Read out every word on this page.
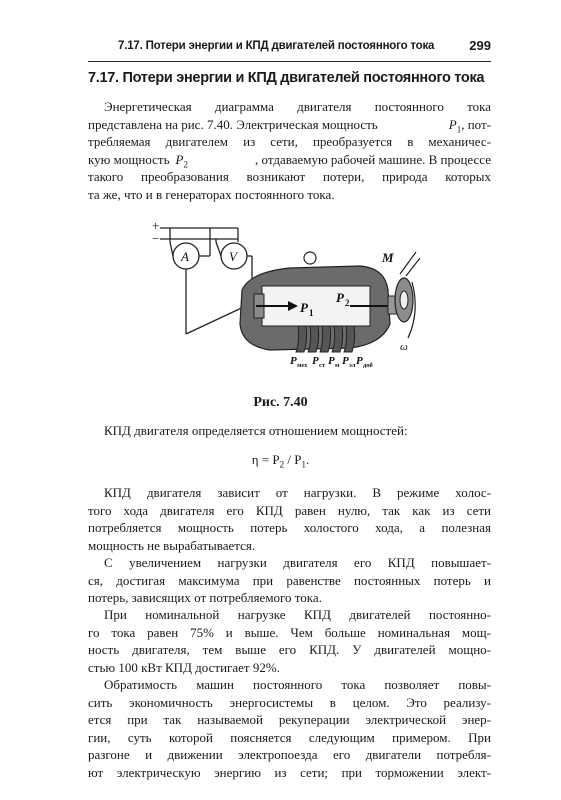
7.17. Потери энергии и КПД двигателей постоянного тока	299
7.17. Потери энергии и КПД двигателей постоянного тока
Энергетическая диаграмма двигателя постоянного тока
представлена на рис. 7.40. Электрическая мощность	$P_1$, пот-
требляемая двигателем из сети, преобразуется в механичес-
кую мощность $P_2$	, отдаваемую рабочей машине. В процессе
такого преобразования возникают потери, природа которых
та же, что и в генераторах постоянного тока.
+
−
A	V
P 1
P 2
M
ω
P P P P P
мех ст м эл доб
Рис. 7.40
КПД двигателя определяется отношением мощностей:
$\eta = P_2 / P_1$.
КПД двигателя зависит от нагрузки. В режиме холос-
того хода двигателя его КПД равен нулю, так как из сети
потребляется мощность потерь холостого хода, а полезная
мощность не вырабатывается.
С увеличением нагрузки двигателя его КПД повышает-
ся, достигая максимума при равенстве постоянных потерь и
потерь, зависящих от потребляемого тока.
При номинальной нагрузке КПД двигателей постоянно-
го тока равен 75% и выше. Чем больше номинальная мощ-
ность двигателя, тем выше его КПД. У двигателей мощно-
стью 100 кВт КПД достигает 92%.
Обратимость машин постоянного тока позволяет повы-
сить экономичность энергосистемы в целом. Это реализу-
ется при так называемой рекуперации электрической энер-
гии, суть которой поясняется следующим примером. При
разгоне и движении электропоезда его двигатели потребля-
ют электрическую энергию из сети; при торможении элект-
